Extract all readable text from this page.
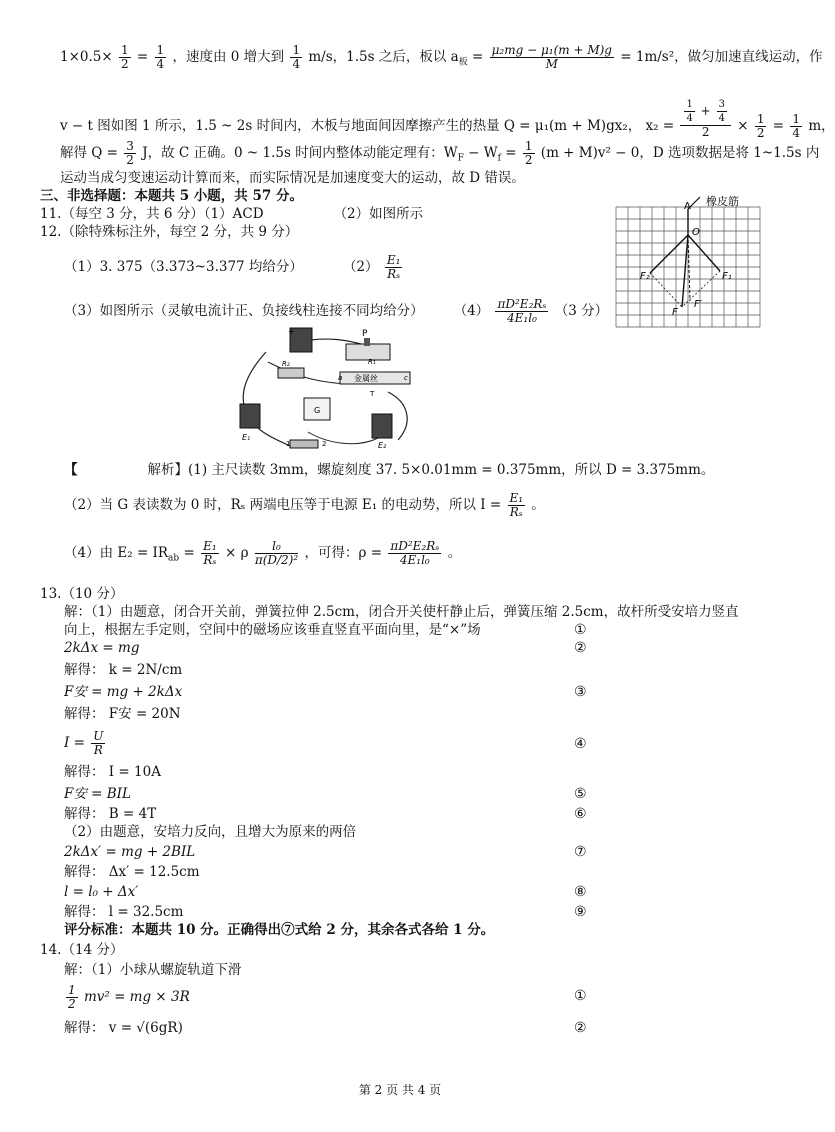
$1\times 0.5\times \frac{1}{2} = \frac{1}{4}$ ，速度由 0 增大到 $\frac{1}{4} m/s$，1.5s 之后，板以 $a_板 = \frac{\text{μ₂mg − μ₁(m + M)g}}{M} = 1m/s^2$，做匀加速直线运动，作
v − t 图如图 1 所示，1.5 ~ 2s 时间内，木板与地面间因摩擦产生的热量 Q = μ₁(m + M)gx₂， $x_2 = \frac{\frac{1}{4} + \frac{3}{4}}{2} \times \frac{1}{2} = \frac{1}{4}$ m，
解得 $Q = \frac{3}{2}$ J，故 C 正确。0 ~ 1.5s 时间内整体动能定理有：$W_F - W_f = \frac{1}{2} (m + M)v^2 - 0$，D 选项数据是将 1~1.5s 内
运动当成匀变速运动计算而来，而实际情况是加速度变大的运动，故 D 错误。
三、非选择题：本题共 5 小题，共 57 分。
11.（每空 3 分，共 6 分）（1）ACD	（2）如图所示
12.（除特殊标注外，每空 2 分，共 9 分）
（1）3. 375（3.373~3.377 均给分）	$(2) \frac{\text{E₁}}{\text{Rₛ}}$
（3）如图所示（灵敏电流计正、负接线柱连接不同均给分） $(4) \frac{\text{πD²E₂Rₛ}}{\text{4E₁l₀}} (3$ 分）
A 橡皮筋
O
F₂	F₁
F
F′
+	P
R₁
R₂
金属丝
a	c
T
G
E₁
E₂
1	2
【	解析】(1) 主尺读数 3mm，螺旋刻度 37. 5×0.01mm = 0.375mm，所以 D = 3.375mm。
（2）当 G 表读数为 0 时，Rₛ 两端电压等于电源 E₁ 的电动势，所以 $I = \frac{\text{E₁}}{\text{Rₛ}}$ 。
（4）由 $E_2 = IR_{ab} = \frac{\text{E₁}}{\text{Rₛ}} \times \rho \frac{\text{l₀}}{\text{π(D/2)²}}$ ，可得：$\rho = \frac{\text{πD²E₂Rₛ}}{\text{4E₁l₀}}$ 。
13.（10 分）
解：（1）由题意，闭合开关前，弹簧拉伸 2.5cm，闭合开关使杆静止后，弹簧压缩 2.5cm，故杆所受安培力竖直
向上，根据左手定则，空间中的磁场应该垂直竖直平面向里，是“×”场	①
2kΔx = mg	②
解得： k = 2N/cm
F安 = mg + 2kΔx	③
解得： F安 = 20N
$I = \frac{U}{R}$	④
解得： I = 10A
F安 = BIL	⑤
解得： B = 4T	⑥
（2）由题意，安培力反向，且增大为原来的两倍
2kΔx′ = mg + 2BIL	⑦
解得： Δx′ = 12.5cm
l = l₀ + Δx′	⑧
解得： l = 32.5cm	⑨
评分标准：本题共 10 分。正确得出⑦式给 2 分，其余各式各给 1 分。
14.（14 分）
解：（1）小球从螺旋轨道下滑
$\frac{1}{2} mv^2$ = mg × 3R	①
解得： v = √(6gR)	②
第 2 页 共 4 页
